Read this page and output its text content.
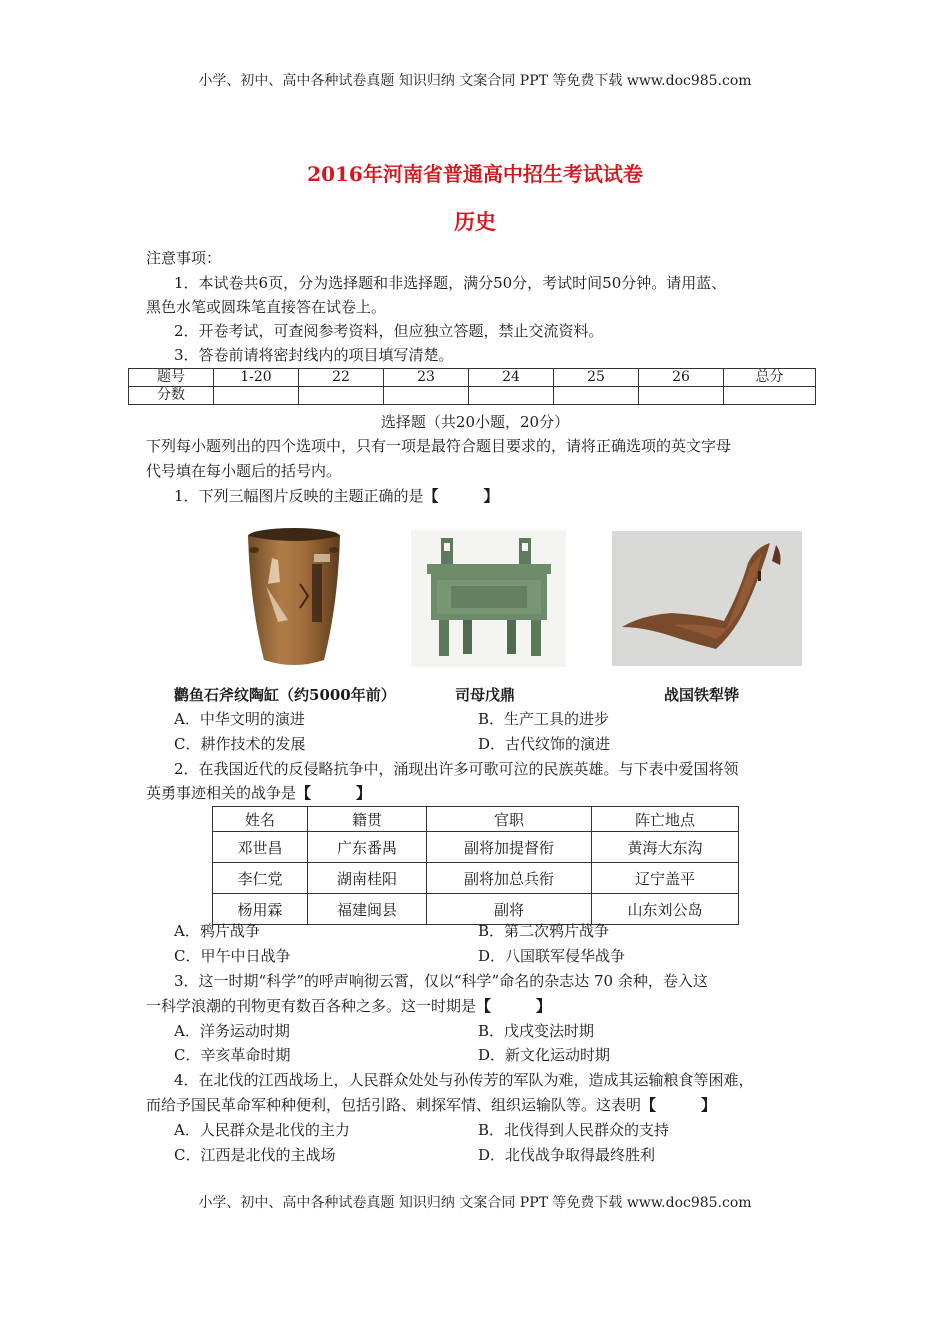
小学、初中、高中各种试卷真题 知识归纳 文案合同 PPT 等免费下载 www.doc985.com
2016年河南省普通高中招生考试试卷
历史
注意事项：
1．本试卷共6页，分为选择题和非选择题，满分50分，考试时间50分钟。请用蓝、
黑色水笔或圆珠笔直接答在试卷上。
2．开卷考试，可查阅参考资料，但应独立答题，禁止交流资料。
3．答卷前请将密封线内的项目填写清楚。
题号	1-20	22	23	24	25	26	总分
分数							
选择题（共20小题，20分）
下列每小题列出的四个选项中，只有一项是最符合题目要求的，请将正确选项的英文字母
代号填在每小题后的括号内。
1．下列三幅图片反映的主题正确的是【　　　】
鹳鱼石斧纹陶缸（约5000年前）	司母戊鼎	战国铁犁铧
A．中华文明的演进	B．生产工具的进步
C．耕作技术的发展	D．古代纹饰的演进
2．在我国近代的反侵略抗争中，涌现出许多可歌可泣的民族英雄。与下表中爱国将领
英勇事迹相关的战争是【　　　】
姓名	籍贯	官职	阵亡地点
邓世昌	广东番禺	副将加提督衔	黄海大东沟
李仁党	湖南桂阳	副将加总兵衔	辽宁盖平
杨用霖	福建闽县	副将	山东刘公岛
A．鸦片战争	B．第二次鸦片战争
C．甲午中日战争	D．八国联军侵华战争
3．这一时期“科学”的呼声响彻云霄，仅以“科学”命名的杂志达 70 余种，卷入这
一科学浪潮的刊物更有数百各种之多。这一时期是【　　　】
A．洋务运动时期	B．戊戌变法时期
C．辛亥革命时期	D．新文化运动时期
4．在北伐的江西战场上，人民群众处处与孙传芳的军队为难，造成其运输粮食等困难，
而给予国民革命军种种便利，包括引路、刺探军情、组织运输队等。这表明【　　　】
A．人民群众是北伐的主力	B．北伐得到人民群众的支持
C．江西是北伐的主战场	D．北伐战争取得最终胜利
小学、初中、高中各种试卷真题 知识归纳 文案合同 PPT 等免费下载 www.doc985.com
